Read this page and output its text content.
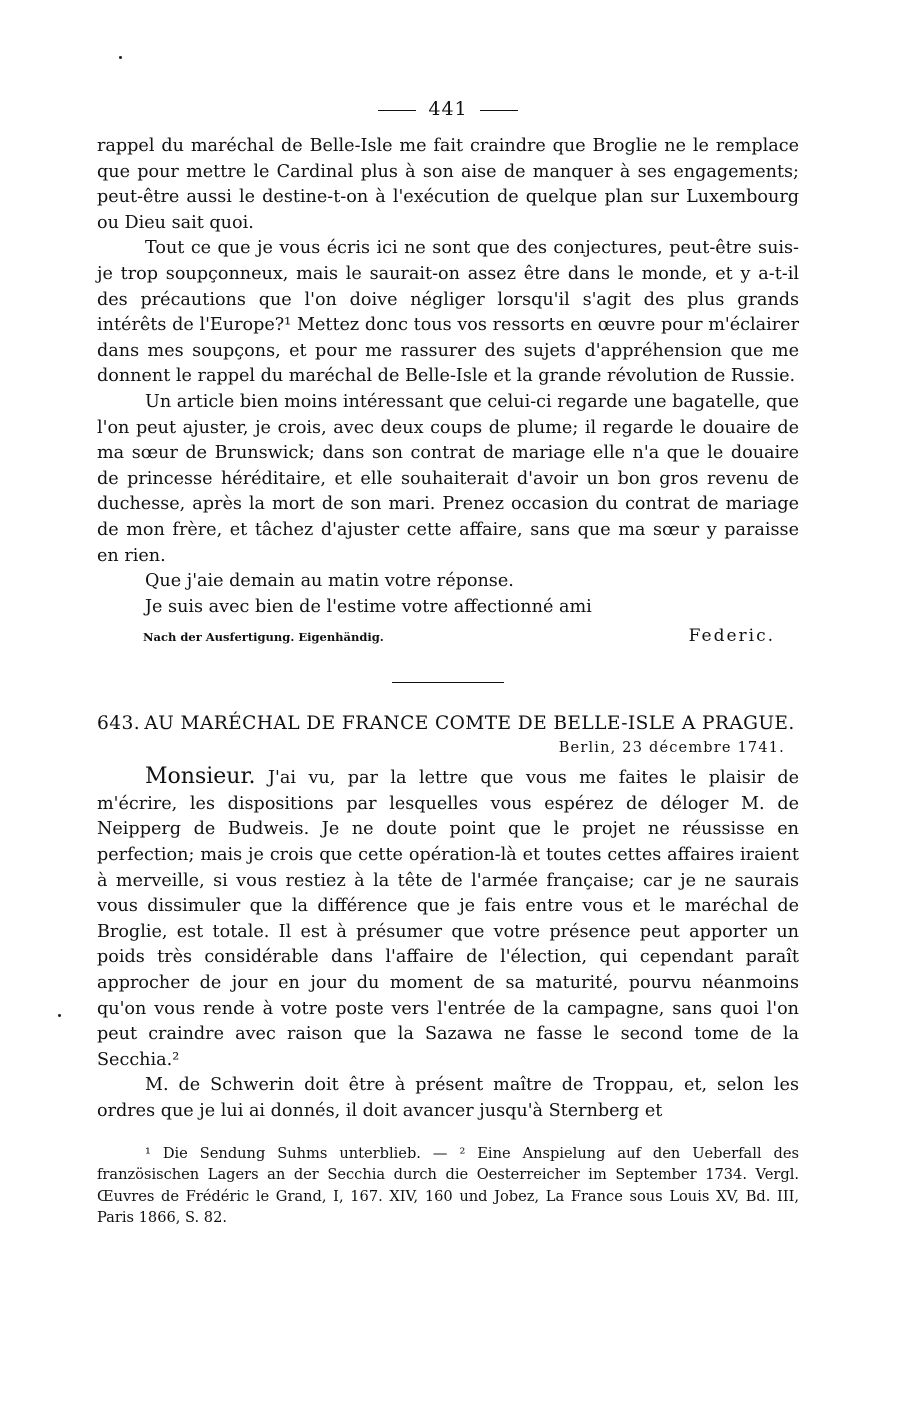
441

rappel du maréchal de Belle-Isle me fait craindre que Broglie ne le remplace que pour mettre le Cardinal plus à son aise de manquer à ses engagements; peut-être aussi le destine-t-on à l'exécution de quelque plan sur Luxembourg ou Dieu sait quoi.

Tout ce que je vous écris ici ne sont que des conjectures, peut-être suis-je trop soupçonneux, mais le saurait-on assez être dans le monde, et y a-t-il des précautions que l'on doive négliger lorsqu'il s'agit des plus grands intérêts de l'Europe?¹ Mettez donc tous vos ressorts en œuvre pour m'éclairer dans mes soupçons, et pour me rassurer des sujets d'appréhension que me donnent le rappel du maréchal de Belle-Isle et la grande révolution de Russie.

Un article bien moins intéressant que celui-ci regarde une bagatelle, que l'on peut ajuster, je crois, avec deux coups de plume; il regarde le douaire de ma sœur de Brunswick; dans son contrat de mariage elle n'a que le douaire de princesse héréditaire, et elle souhaiterait d'avoir un bon gros revenu de duchesse, après la mort de son mari. Prenez occasion du contrat de mariage de mon frère, et tâchez d'ajuster cette affaire, sans que ma sœur y paraisse en rien.

Que j'aie demain au matin votre réponse.

Je suis avec bien de l'estime votre affectionné ami

Nach der Ausfertigung. Eigenhändig.	Federic.
643. AU MARÉCHAL DE FRANCE COMTE DE BELLE-ISLE A PRAGUE.
Berlin, 23 décembre 1741.

Monsieur. J'ai vu, par la lettre que vous me faites le plaisir de m'écrire, les dispositions par lesquelles vous espérez de déloger M. de Neipperg de Budweis. Je ne doute point que le projet ne réussisse en perfection; mais je crois que cette opération-là et toutes cettes affaires iraient à merveille, si vous restiez à la tête de l'armée française; car je ne saurais vous dissimuler que la différence que je fais entre vous et le maréchal de Broglie, est totale. Il est à présumer que votre présence peut apporter un poids très considérable dans l'affaire de l'élection, qui cependant paraît approcher de jour en jour du moment de sa maturité, pourvu néanmoins qu'on vous rende à votre poste vers l'entrée de la campagne, sans quoi l'on peut craindre avec raison que la Sazawa ne fasse le second tome de la Secchia.²

M. de Schwerin doit être à présent maître de Troppau, et, selon les ordres que je lui ai donnés, il doit avancer jusqu'à Sternberg et

¹ Die Sendung Suhms unterblieb. — ² Eine Anspielung auf den Ueberfall des französischen Lagers an der Secchia durch die Oesterreicher im September 1734. Vergl. Œuvres de Frédéric le Grand, I, 167. XIV, 160 und Jobez, La France sous Louis XV, Bd. III, Paris 1866, S. 82.
